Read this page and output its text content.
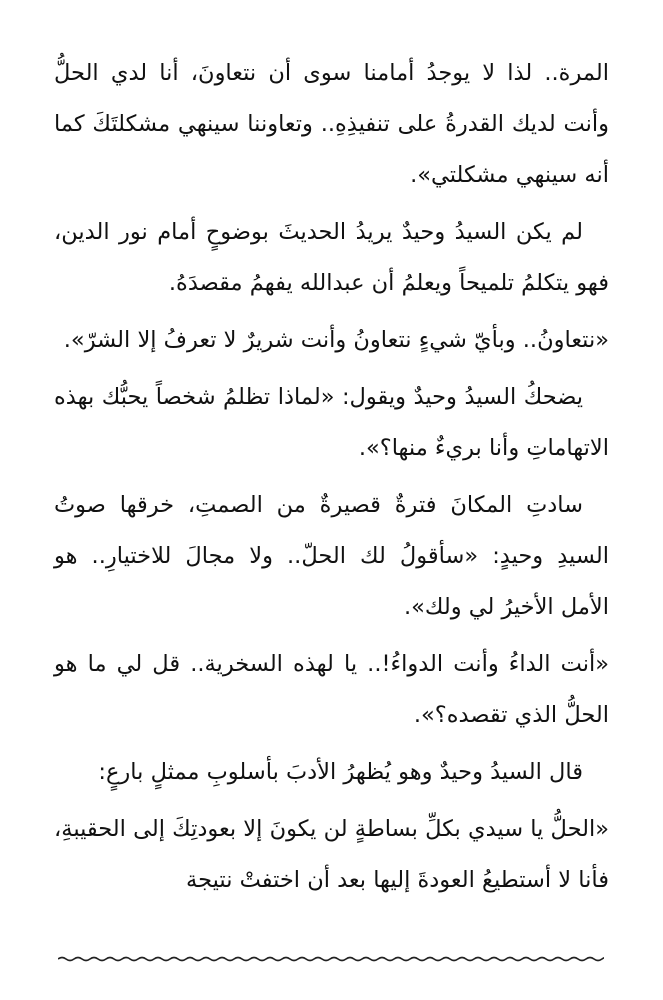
المرة.. لذا لا يوجدُ أمامنا سوى أن نتعاونَ، أنا لدي الحلُّ وأنت لديك القدرةُ على تنفيذِهِ.. وتعاوننا سينهي مشكلتَكَ كما أنه سينهي مشكلتي».

لم يكن السيدُ وحيدٌ يريدُ الحديثَ بوضوحٍ أمام نور الدين، فهو يتكلمُ تلميحاً ويعلمُ أن عبدالله يفهمُ مقصدَهُ.

«نتعاونُ.. وبأيّ شيءٍ نتعاونُ وأنت شريرٌ لا تعرفُ إلا الشرّ».

يضحكُ السيدُ وحيدٌ ويقول: «لماذا تظلمُ شخصاً يحبُّك بهذه الاتهاماتِ وأنا بريءٌ منها؟».

سادتِ المكانَ فترةٌ قصيرةٌ من الصمتِ، خرقها صوتُ السيدِ وحيدٍ: «سأقولُ لك الحلّ.. ولا مجالَ للاختيارِ.. هو الأمل الأخيرُ لي ولك».

«أنت الداءُ وأنت الدواءُ!.. يا لهذه السخرية.. قل لي ما هو الحلُّ الذي تقصده؟».

قال السيدُ وحيدٌ وهو يُظهرُ الأدبَ بأسلوبِ ممثلٍ بارعٍ:

«الحلُّ يا سيدي بكلِّ بساطةٍ لن يكونَ إلا بعودتِكَ إلى الحقيبةِ، فأنا لا أستطيعُ العودةَ إليها بعد أن اختفتْ نتيجة
